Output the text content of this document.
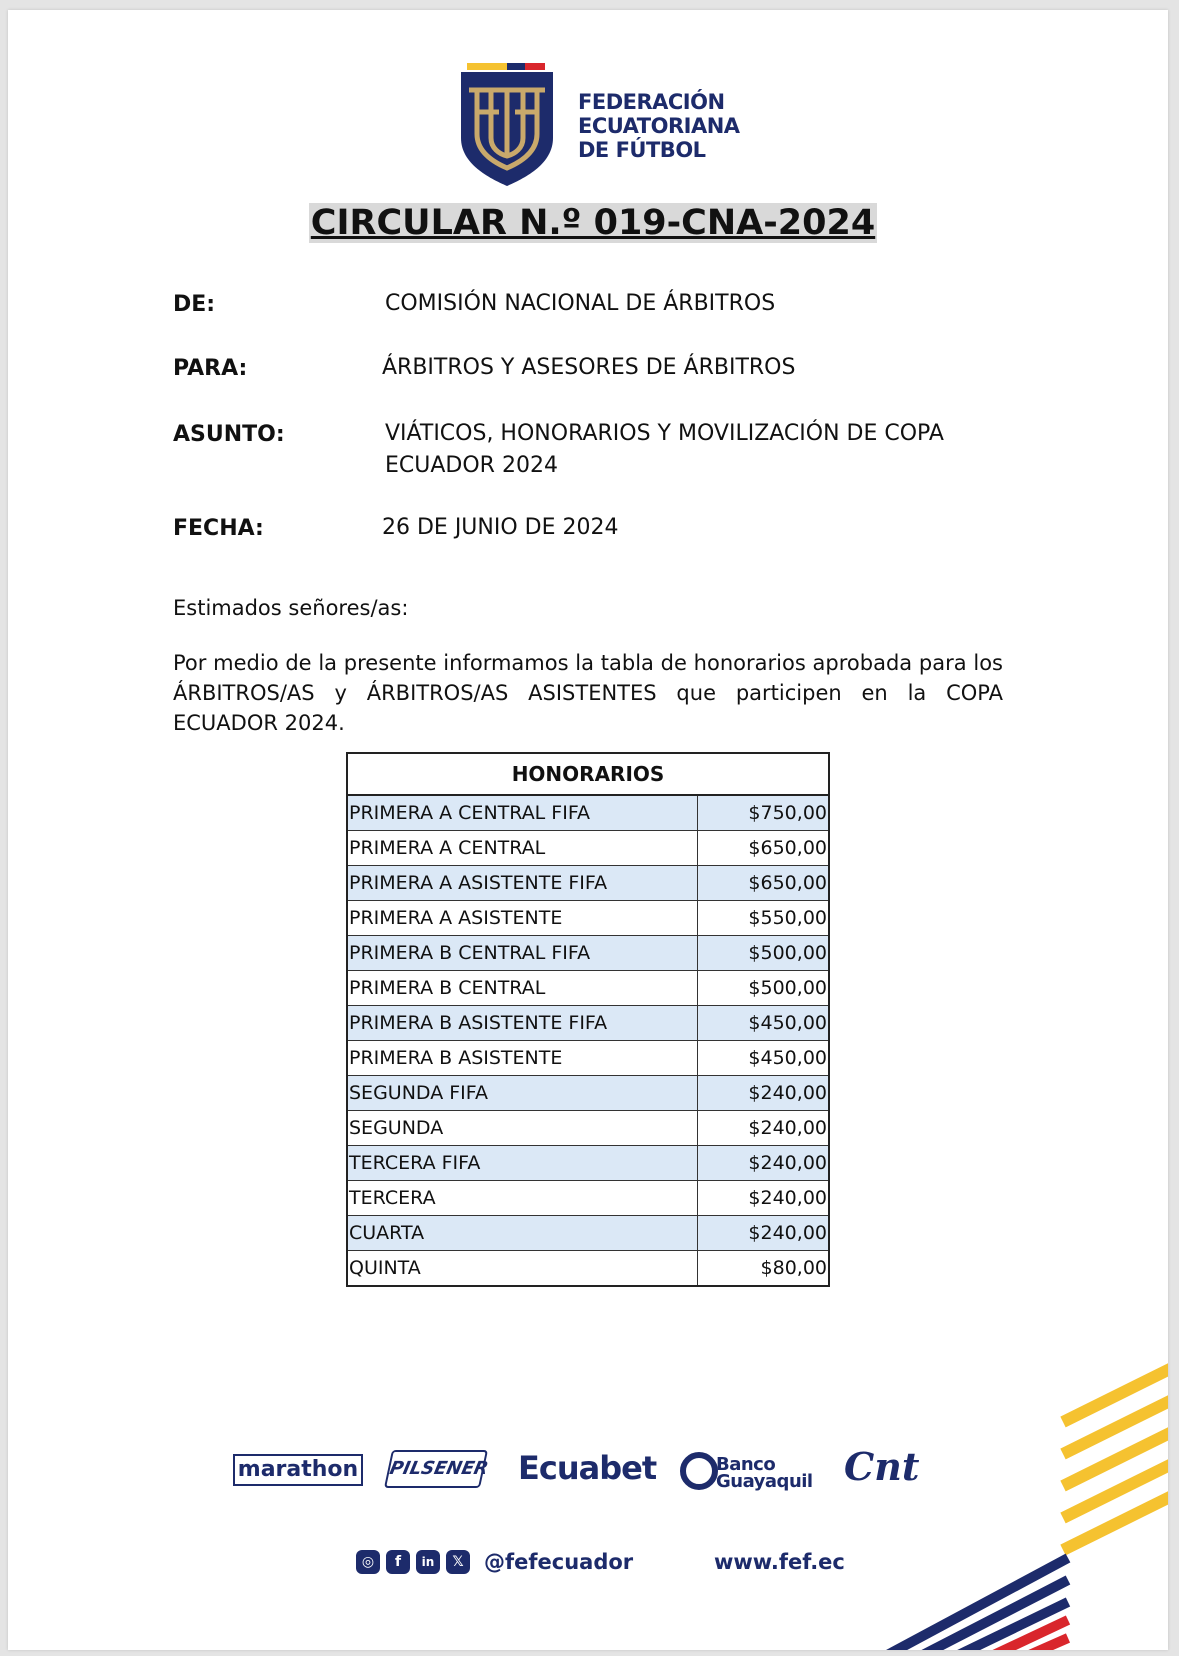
FEDERACIÓN
ECUATORIANA
DE FÚTBOL
CIRCULAR N.º 019-CNA-2024
DE:	COMISIÓN NACIONAL DE ÁRBITROS
PARA:	ÁRBITROS Y ASESORES DE ÁRBITROS
ASUNTO:	VIÁTICOS, HONORARIOS Y MOVILIZACIÓN DE COPA
ECUADOR 2024
FECHA:	26 DE JUNIO DE 2024
Estimados señores/as:
Por medio de la presente informamos la tabla de honorarios aprobada para los ÁRBITROS/AS y ÁRBITROS/AS ASISTENTES que participen en la COPA ECUADOR 2024.
HONORARIOS	
PRIMERA A CENTRAL FIFA	$750,00
PRIMERA A CENTRAL	$650,00
PRIMERA A ASISTENTE FIFA	$650,00
PRIMERA A ASISTENTE	$550,00
PRIMERA B CENTRAL FIFA	$500,00
PRIMERA B CENTRAL	$500,00
PRIMERA B ASISTENTE FIFA	$450,00
PRIMERA B ASISTENTE	$450,00
SEGUNDA FIFA	$240,00
SEGUNDA	$240,00
TERCERA FIFA	$240,00
TERCERA	$240,00
CUARTA	$240,00
QUINTA	$80,00
marathon PILSENER Ecuabet	Banco
Guayaquil Cnt
◎	f	in	𝕏 @fefecuador	www.fef.ec
